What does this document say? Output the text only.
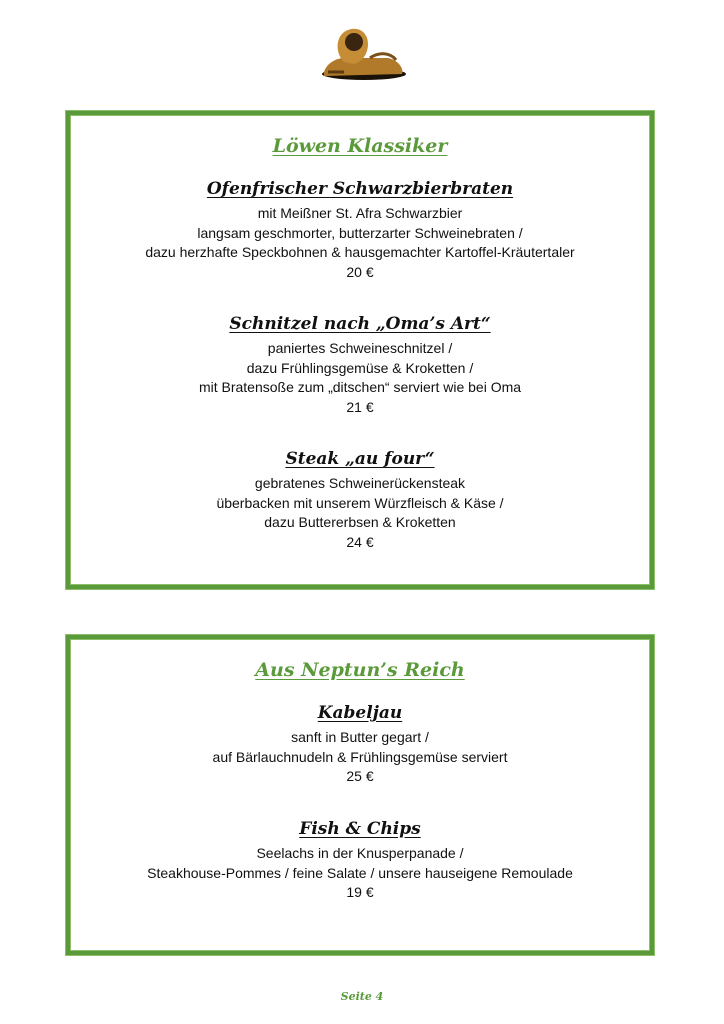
Löwen Klassiker
Ofenfrischer Schwarzbierbraten
mit Meißner St. Afra Schwarzbier
langsam geschmorter, butterzarter Schweinebraten /
dazu herzhafte Speckbohnen & hausgemachter Kartoffel-Kräutertaler
20 €
Schnitzel nach „Oma’s Art“
paniertes Schweineschnitzel /
dazu Frühlingsgemüse & Kroketten /
mit Bratensoße zum „ditschen“ serviert wie bei Oma
21 €
Steak „au four“
gebratenes Schweinerückensteak
überbacken mit unserem Würzfleisch & Käse /
dazu Buttererbsen & Kroketten
24 €
Aus Neptun’s Reich
Kabeljau
sanft in Butter gegart /
auf Bärlauchnudeln & Frühlingsgemüse serviert
25 €
Fish & Chips
Seelachs in der Knusperpanade /
Steakhouse-Pommes / feine Salate / unsere hauseigene Remoulade
19 €
Seite 4
